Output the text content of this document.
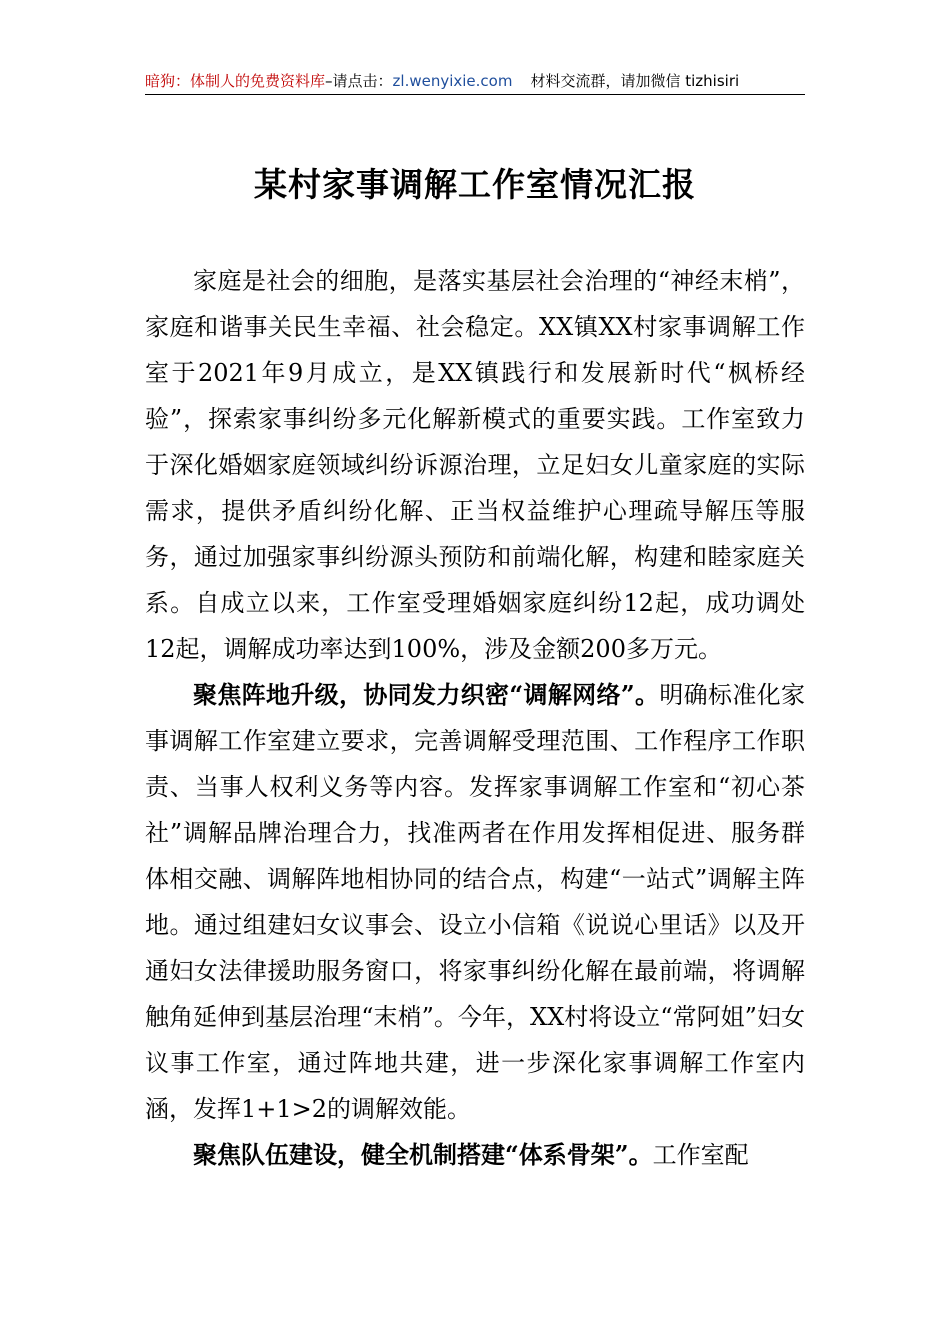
暗狗：体制人的免费资料库–请点击：zl.wenyixie.com 材料交流群，请加微信 tizhisiri
某村家事调解工作室情况汇报

家庭是社会的细胞，是落实基层社会治理的“神经末梢”，家庭和谐事关民生幸福、社会稳定。XX镇XX村家事调解工作室于2021年9月成立，是XX镇践行和发展新时代“枫桥经验”，探索家事纠纷多元化解新模式的重要实践。工作室致力于深化婚姻家庭领域纠纷诉源治理，立足妇女儿童家庭的实际需求，提供矛盾纠纷化解、正当权益维护心理疏导解压等服务，通过加强家事纠纷源头预防和前端化解，构建和睦家庭关系。自成立以来，工作室受理婚姻家庭纠纷12起，成功调处12起，调解成功率达到100%，涉及金额200多万元。

聚焦阵地升级，协同发力织密“调解网络”。明确标准化家事调解工作室建立要求，完善调解受理范围、工作程序工作职责、当事人权利义务等内容。发挥家事调解工作室和“初心茶社”调解品牌治理合力，找准两者在作用发挥相促进、服务群体相交融、调解阵地相协同的结合点，构建“一站式”调解主阵地。通过组建妇女议事会、设立小信箱《说说心里话》以及开通妇女法律援助服务窗口，将家事纠纷化解在最前端，将调解触角延伸到基层治理“末梢”。今年，XX村将设立“常阿姐”妇女议事工作室，通过阵地共建，进一步深化家事调解工作室内涵，发挥1+1>2的调解效能。

聚焦队伍建设，健全机制搭建“体系骨架”。工作室配
